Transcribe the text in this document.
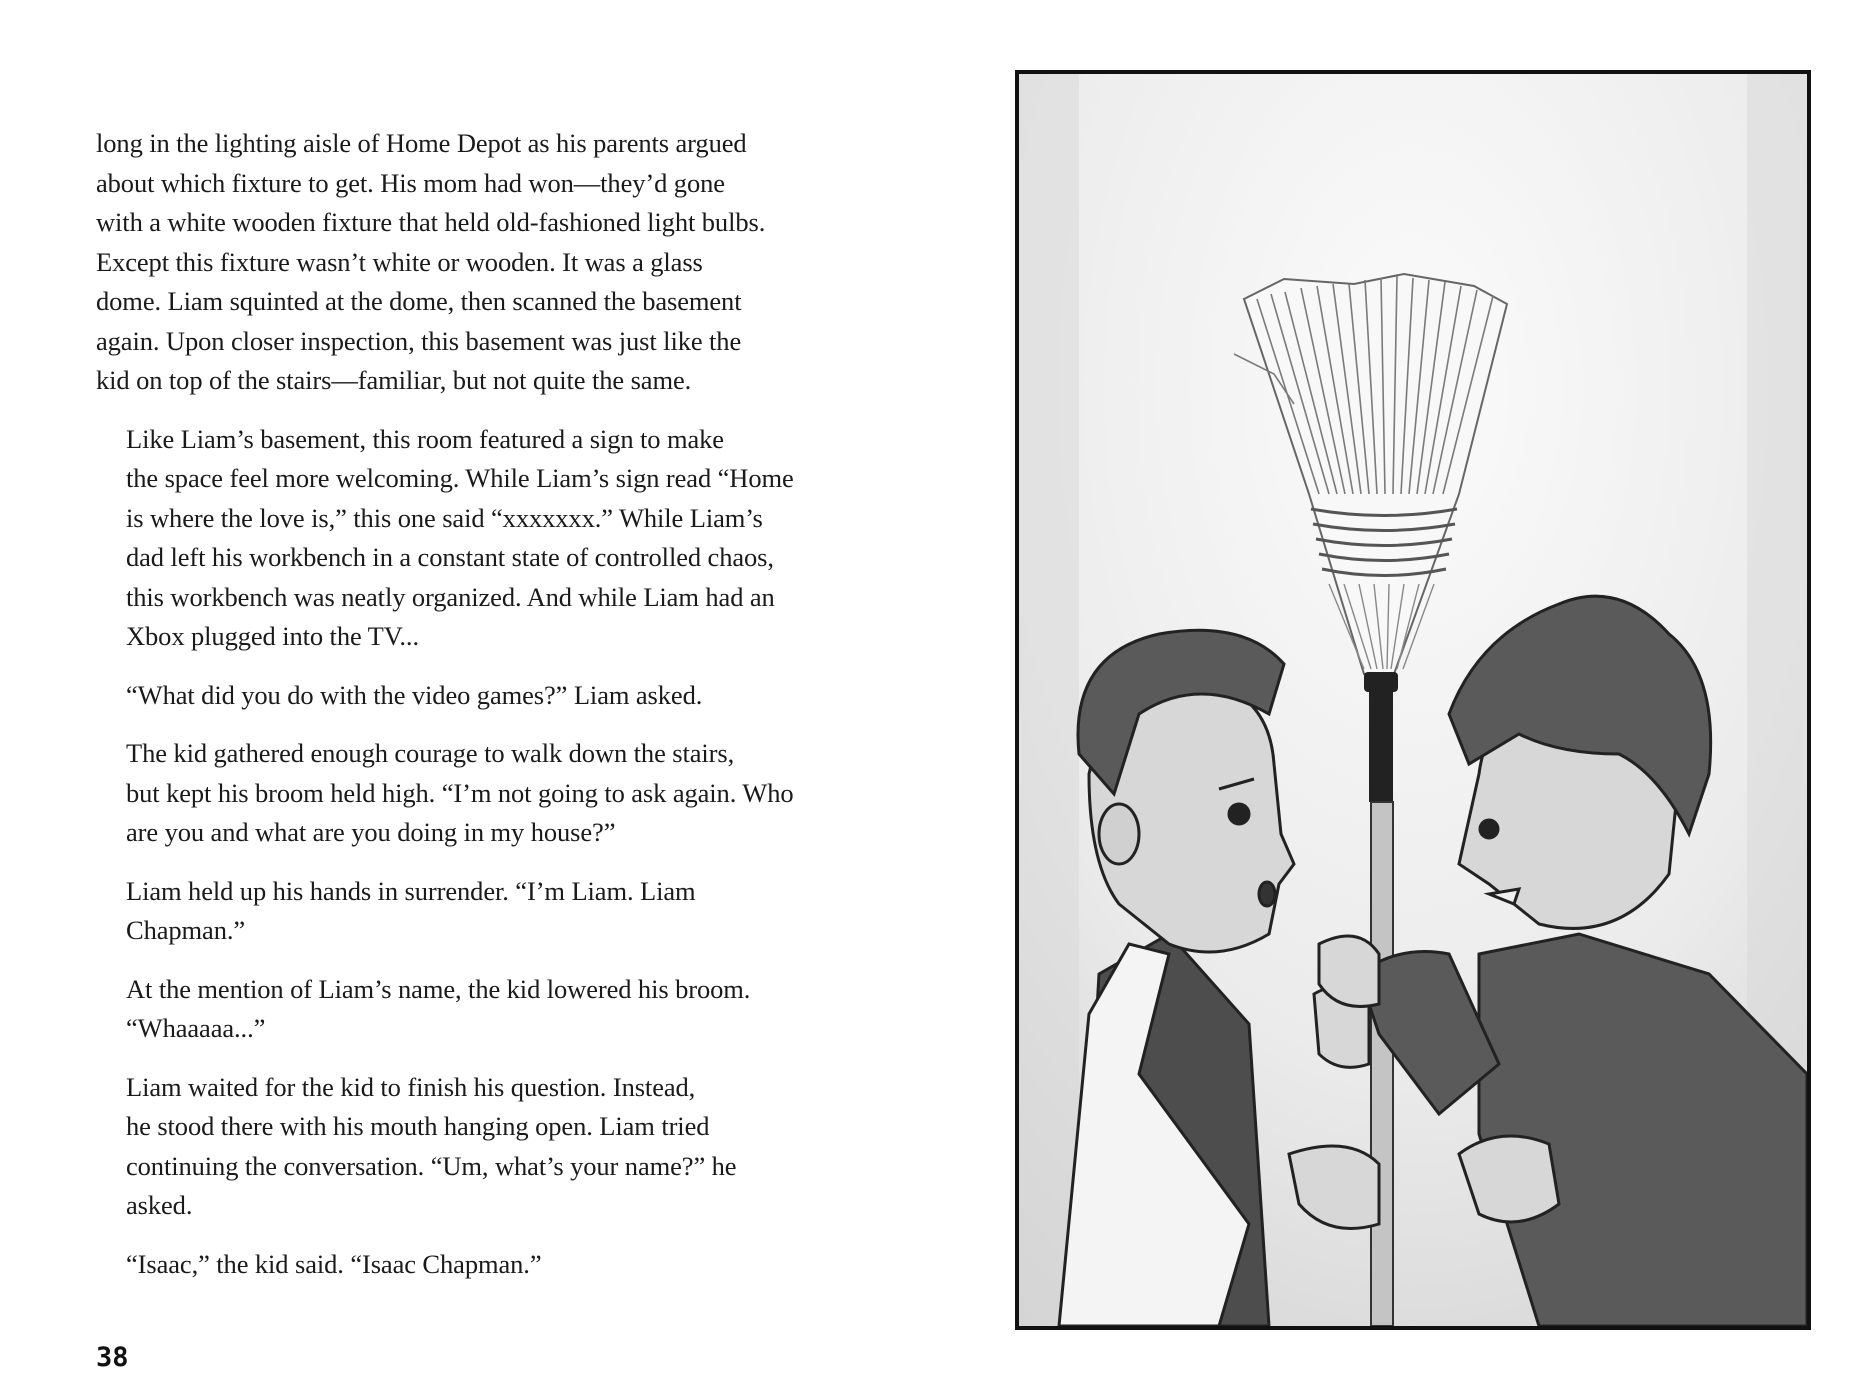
long in the lighting aisle of Home Depot as his parents argued
about which fixture to get. His mom had won—they’d gone
with a white wooden fixture that held old-fashioned light bulbs.
Except this fixture wasn’t white or wooden. It was a glass
dome. Liam squinted at the dome, then scanned the basement
again. Upon closer inspection, this basement was just like the
kid on top of the stairs—familiar, but not quite the same.

Like Liam’s basement, this room featured a sign to make
the space feel more welcoming. While Liam’s sign read “Home
is where the love is,” this one said “xxxxxxx.” While Liam’s
dad left his workbench in a constant state of controlled chaos,
this workbench was neatly organized. And while Liam had an
Xbox plugged into the TV...

“What did you do with the video games?” Liam asked.

The kid gathered enough courage to walk down the stairs,
but kept his broom held high. “I’m not going to ask again. Who
are you and what are you doing in my house?”

Liam held up his hands in surrender. “I’m Liam. Liam
Chapman.”

At the mention of Liam’s name, the kid lowered his broom.
“Whaaaaa...”

Liam waited for the kid to finish his question. Instead,
he stood there with his mouth hanging open. Liam tried
continuing the conversation. “Um, what’s your name?” he
asked.

“Isaac,” the kid said. “Isaac Chapman.”

38
